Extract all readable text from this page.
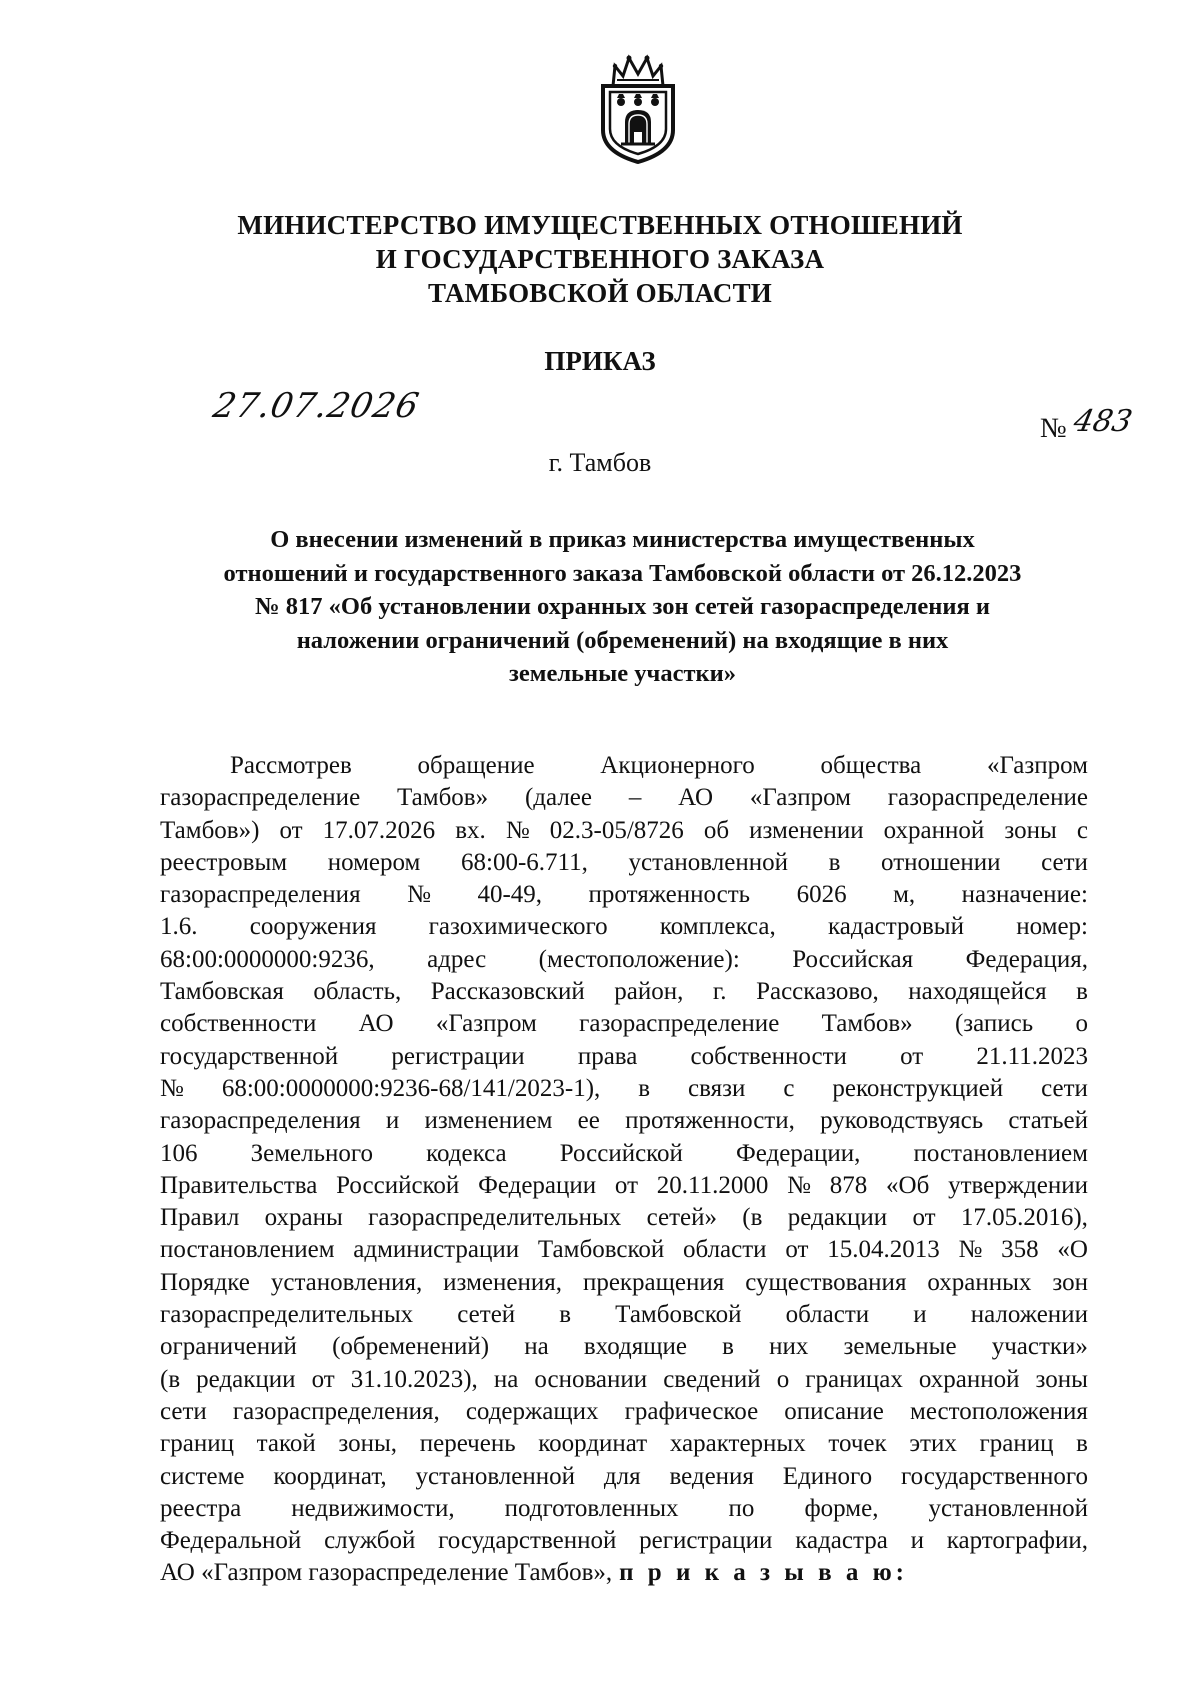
МИНИСТЕРСТВО ИМУЩЕСТВЕННЫХ ОТНОШЕНИЙ
И ГОСУДАРСТВЕННОГО ЗАКАЗА
ТАМБОВСКОЙ ОБЛАСТИ
ПРИКАЗ
27.07.2026
№ 483
г. Тамбов
О внесении изменений в приказ министерства имущественных
отношений и государственного заказа Тамбовской области от 26.12.2023
№ 817 «Об установлении охранных зон сетей газораспределения и
наложении ограничений (обременений) на входящие в них
земельные участки»
Рассмотрев	обращение	Акционерного	общества	«Газпром
газораспределение Тамбов» (далее – АО «Газпром газораспределение
Тамбов») от 17.07.2026 вх. № 02.3-05/8726 об изменении охранной зоны с
реестровым номером 68:00-6.711, установленной в отношении сети
газораспределения № 40-49, протяженность 6026 м, назначение:
1.6. сооружения газохимического комплекса, кадастровый номер:
68:00:0000000:9236, адрес (местоположение): Российская Федерация,
Тамбовская область, Рассказовский район, г. Рассказово, находящейся в
собственности АО «Газпром газораспределение Тамбов» (запись о
государственной регистрации права собственности от 21.11.2023
№ 68:00:0000000:9236-68/141/2023-1), в связи с реконструкцией сети
газораспределения и изменением ее протяженности, руководствуясь статьей
106 Земельного кодекса Российской Федерации, постановлением
Правительства Российской Федерации от 20.11.2000 № 878 «Об утверждении
Правил охраны газораспределительных сетей» (в редакции от 17.05.2016),
постановлением администрации Тамбовской области от 15.04.2013 № 358 «О
Порядке установления, изменения, прекращения существования охранных зон
газораспределительных сетей в Тамбовской области и наложении
ограничений (обременений) на входящие в них земельные участки»
(в редакции от 31.10.2023), на основании сведений о границах охранной зоны
сети газораспределения, содержащих графическое описание местоположения
границ такой зоны, перечень координат характерных точек этих границ в
системе координат, установленной для ведения Единого государственного
реестра недвижимости, подготовленных по форме, установленной
Федеральной службой государственной регистрации кадастра и картографии,
АО «Газпром газораспределение Тамбов», п р и к а з ы в а ю:
